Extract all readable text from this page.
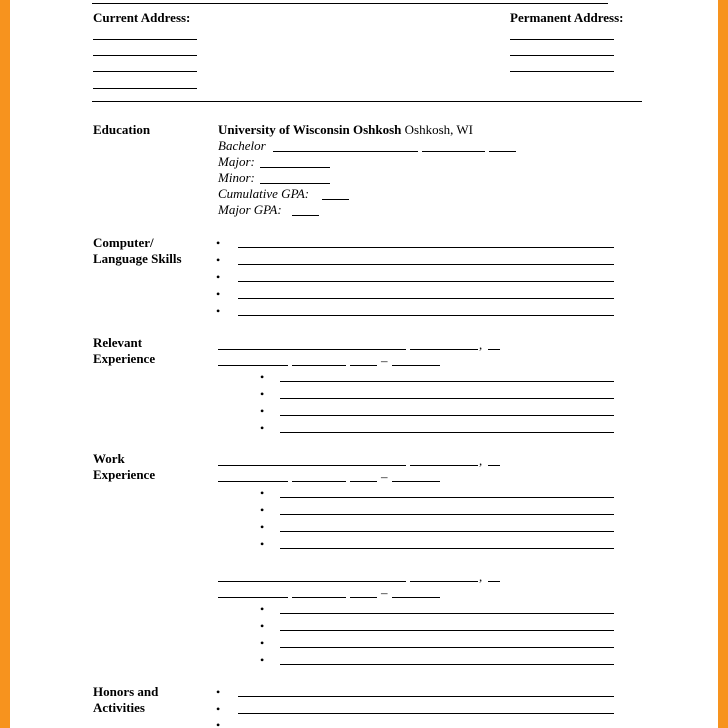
Current Address:	Permanent Address:
Education	University of Wisconsin Oshkosh Oshkosh, WI
Bachelor
Major:
Minor:
Cumulative GPA:
Major GPA:
Computer/
Language Skills
•
•
•
•
•
Relevant
Experience
,
–
•
•
•
•
Work
Experience
,
–
•
•
•
•
,
–
•
•
•
•
Honors and
Activities
•
•
•
